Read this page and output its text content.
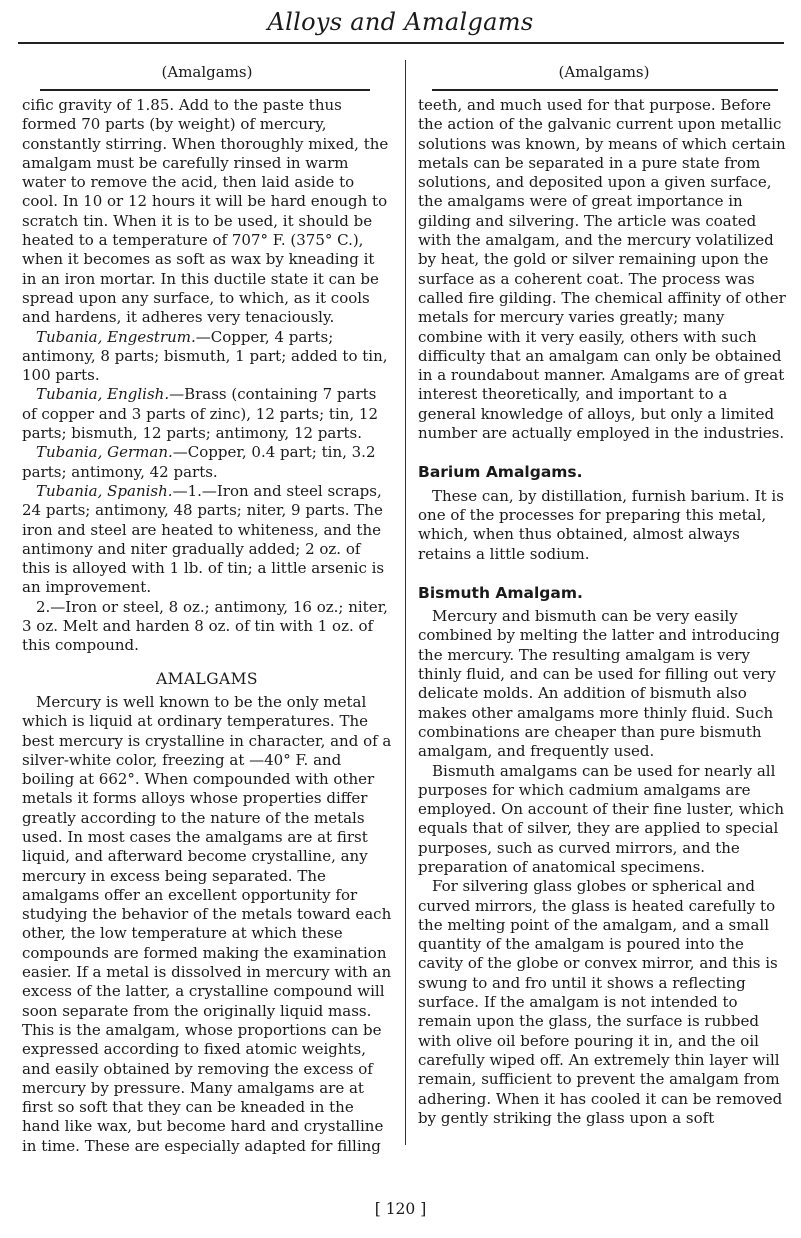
Alloys and Amalgams
(Amalgams)	(Amalgams)

cific gravity of 1.85. Add to the paste thus formed 70 parts (by weight) of mercury, constantly stirring. When thoroughly mixed, the amalgam must be carefully rinsed in warm water to remove the acid, then laid aside to cool. In 10 or 12 hours it will be hard enough to scratch tin. When it is to be used, it should be heated to a temperature of 707° F. (375° C.), when it becomes as soft as wax by kneading it in an iron mortar. In this ductile state it can be spread upon any surface, to which, as it cools and hardens, it adheres very tenaciously.

Tubania, Engestrum.—Copper, 4 parts; antimony, 8 parts; bismuth, 1 part; added to tin, 100 parts.

Tubania, English.—Brass (containing 7 parts of copper and 3 parts of zinc), 12 parts; tin, 12 parts; bismuth, 12 parts; antimony, 12 parts.

Tubania, German.—Copper, 0.4 part; tin, 3.2 parts; antimony, 42 parts.

Tubania, Spanish.—1.—Iron and steel scraps, 24 parts; antimony, 48 parts; niter, 9 parts. The iron and steel are heated to whiteness, and the antimony and niter gradually added; 2 oz. of this is alloyed with 1 lb. of tin; a little arsenic is an improvement.

2.—Iron or steel, 8 oz.; antimony, 16 oz.; niter, 3 oz. Melt and harden 8 oz. of tin with 1 oz. of this compound.

AMALGAMS

Mercury is well known to be the only metal which is liquid at ordinary temperatures. The best mercury is crystalline in character, and of a silver-white color, freezing at —40° F. and boiling at 662°. When compounded with other metals it forms alloys whose properties differ greatly according to the nature of the metals used. In most cases the amalgams are at first liquid, and afterward become crystalline, any mercury in excess being separated. The amalgams offer an excellent opportunity for studying the behavior of the metals toward each other, the low temperature at which these compounds are formed making the examination easier. If a metal is dissolved in mercury with an excess of the latter, a crystalline compound will soon separate from the originally liquid mass. This is the amalgam, whose proportions can be expressed according to fixed atomic weights, and easily obtained by removing the excess of mercury by pressure. Many amalgams are at first so soft that they can be kneaded in the hand like wax, but become hard and crystalline in time. These are especially adapted for filling

teeth, and much used for that purpose. Before the action of the galvanic current upon metallic solutions was known, by means of which certain metals can be separated in a pure state from solutions, and deposited upon a given surface, the amalgams were of great importance in gilding and silvering. The article was coated with the amalgam, and the mercury volatilized by heat, the gold or silver remaining upon the surface as a coherent coat. The process was called fire gilding. The chemical affinity of other metals for mercury varies greatly; many combine with it very easily, others with such difficulty that an amalgam can only be obtained in a roundabout manner. Amalgams are of great interest theoretically, and important to a general knowledge of alloys, but only a limited number are actually employed in the industries.

Barium Amalgams.

These can, by distillation, furnish barium. It is one of the processes for preparing this metal, which, when thus obtained, almost always retains a little sodium.

Bismuth Amalgam.

Mercury and bismuth can be very easily combined by melting the latter and introducing the mercury. The resulting amalgam is very thinly fluid, and can be used for filling out very delicate molds. An addition of bismuth also makes other amalgams more thinly fluid. Such combinations are cheaper than pure bismuth amalgam, and frequently used.

Bismuth amalgams can be used for nearly all purposes for which cadmium amalgams are employed. On account of their fine luster, which equals that of silver, they are applied to special purposes, such as curved mirrors, and the preparation of anatomical specimens.

For silvering glass globes or spherical and curved mirrors, the glass is heated carefully to the melting point of the amalgam, and a small quantity of the amalgam is poured into the cavity of the globe or convex mirror, and this is swung to and fro until it shows a reflecting surface. If the amalgam is not intended to remain upon the glass, the surface is rubbed with olive oil before pouring it in, and the oil carefully wiped off. An extremely thin layer will remain, sufficient to prevent the amalgam from adhering. When it has cooled it can be removed by gently striking the glass upon a soft

[ 120 ]
